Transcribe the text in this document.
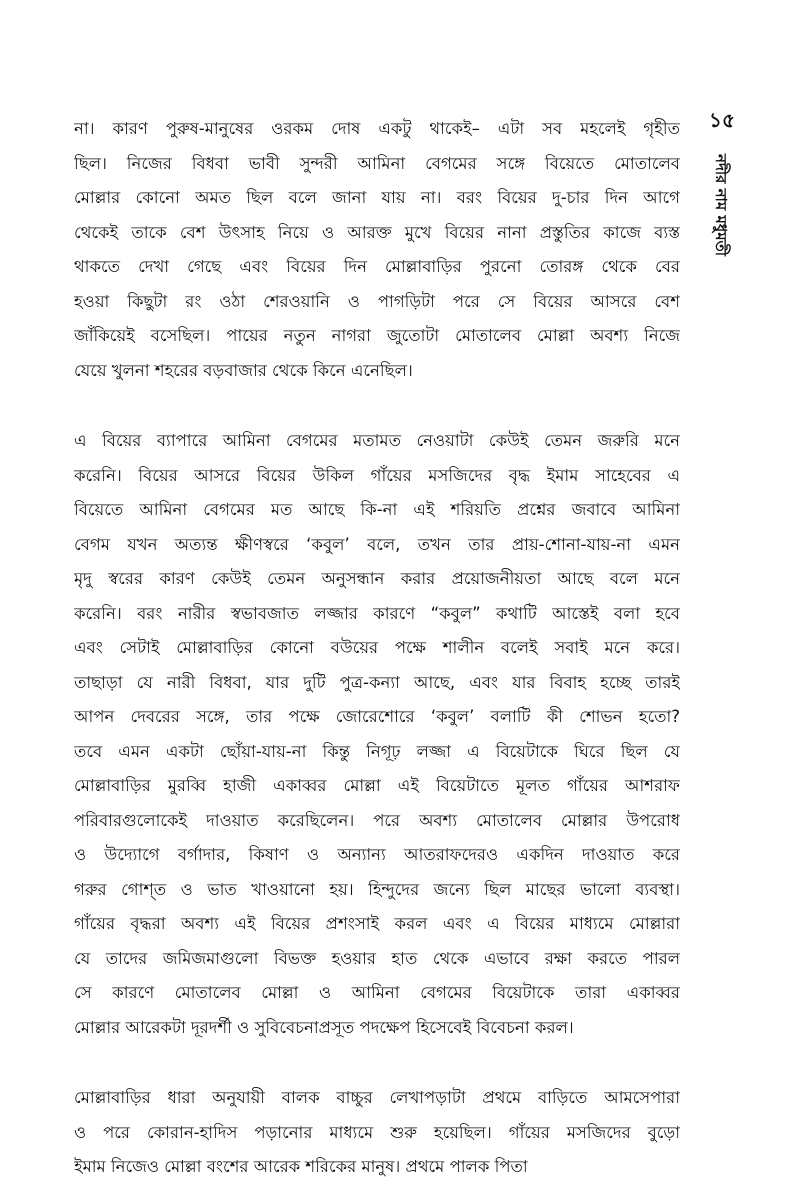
১৫
নদীর নাম মধুমতী
না। কারণ পুরুষ-মানুষের ওরকম দোষ একটু থাকেই– এটা সব মহলেই গৃহীত
ছিল। নিজের বিধবা ভাবী সুন্দরী আমিনা বেগমের সঙ্গে বিয়েতে মোতালেব
মোল্লার কোনো অমত ছিল বলে জানা যায় না। বরং বিয়ের দু-চার দিন আগে
থেকেই তাকে বেশ উৎসাহ নিয়ে ও আরক্ত মুখে বিয়ের নানা প্রস্তুতির কাজে ব্যস্ত
থাকতে দেখা গেছে এবং বিয়ের দিন মোল্লাবাড়ির পুরনো তোরঙ্গ থেকে বের
হওয়া কিছুটা রং ওঠা শেরওয়ানি ও পাগড়িটা পরে সে বিয়ের আসরে বেশ
জাঁকিয়েই বসেছিল। পায়ের নতুন নাগরা জুতোটা মোতালেব মোল্লা অবশ্য নিজে
যেয়ে খুলনা শহরের বড়বাজার থেকে কিনে এনেছিল।
এ বিয়ের ব্যাপারে আমিনা বেগমের মতামত নেওয়াটা কেউই তেমন জরুরি মনে
করেনি। বিয়ের আসরে বিয়ের উকিল গাঁয়ের মসজিদের বৃদ্ধ ইমাম সাহেবের এ
বিয়েতে আমিনা বেগমের মত আছে কি-না এই শরিয়তি প্রশ্নের জবাবে আমিনা
বেগম যখন অত্যন্ত ক্ষীণস্বরে ‘কবুল’ বলে, তখন তার প্রায়-শোনা-যায়-না এমন
মৃদু স্বরের কারণ কেউই তেমন অনুসন্ধান করার প্রয়োজনীয়তা আছে বলে মনে
করেনি। বরং নারীর স্বভাবজাত লজ্জার কারণে “কবুল” কথাটি আস্তেই বলা হবে
এবং সেটাই মোল্লাবাড়ির কোনো বউয়ের পক্ষে শালীন বলেই সবাই মনে করে।
তাছাড়া যে নারী বিধবা, যার দুটি পুত্র-কন্যা আছে, এবং যার বিবাহ হচ্ছে তারই
আপন দেবরের সঙ্গে, তার পক্ষে জোরেশোরে ‘কবুল’ বলাটি কী শোভন হতো?
তবে এমন একটা ছোঁয়া-যায়-না কিন্তু নিগূঢ় লজ্জা এ বিয়েটাকে ঘিরে ছিল যে
মোল্লাবাড়ির মুরব্বি হাজী একাব্বর মোল্লা এই বিয়েটাতে মূলত গাঁয়ের আশরাফ
পরিবারগুলোকেই দাওয়াত করেছিলেন। পরে অবশ্য মোতালেব মোল্লার উপরোধ
ও উদ্যোগে বর্গাদার, কিষাণ ও অন্যান্য আতরাফদেরও একদিন দাওয়াত করে
গরুর গোশ্‌ত ও ভাত খাওয়ানো হয়। হিন্দুদের জন্যে ছিল মাছের ভালো ব্যবস্থা।
গাঁয়ের বৃদ্ধরা অবশ্য এই বিয়ের প্রশংসাই করল এবং এ বিয়ের মাধ্যমে মোল্লারা
যে তাদের জমিজমাগুলো বিভক্ত হওয়ার হাত থেকে এভাবে রক্ষা করতে পারল
সে কারণে মোতালেব মোল্লা ও আমিনা বেগমের বিয়েটাকে তারা একাব্বর
মোল্লার আরেকটা দূরদর্শী ও সুবিবেচনাপ্রসূত পদক্ষেপ হিসেবেই বিবেচনা করল।
মোল্লাবাড়ির ধারা অনুযায়ী বালক বাচ্চুর লেখাপড়াটা প্রথমে বাড়িতে আমসেপারা
ও পরে কোরান-হাদিস পড়ানোর মাধ্যমে শুরু হয়েছিল। গাঁয়ের মসজিদের বুড়ো
ইমাম নিজেও মোল্লা বংশের আরেক শরিকের মানুষ। প্রথমে পালক পিতা
